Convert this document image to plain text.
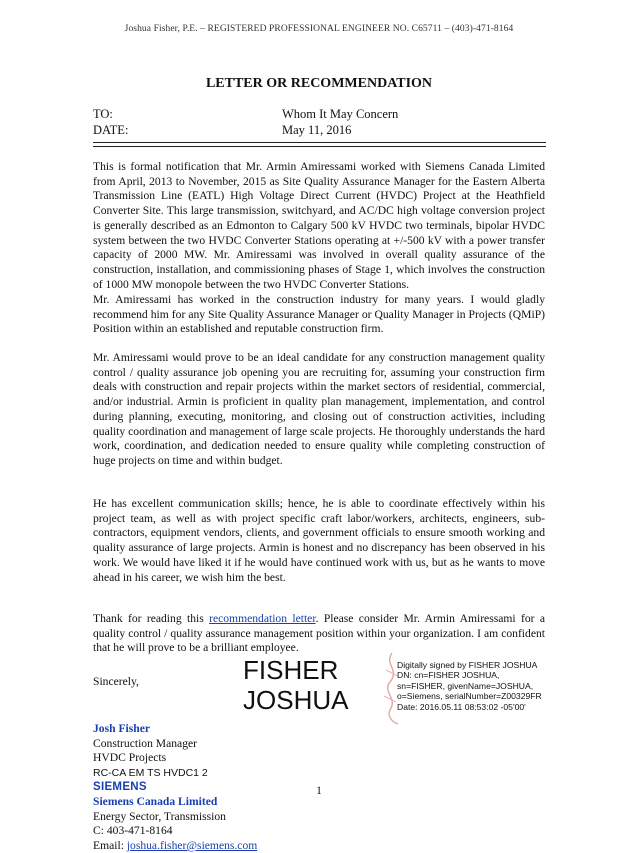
Joshua Fisher, P.E. – REGISTERED PROFESSIONAL ENGINEER NO. C65711 – (403)-471-8164
LETTER OR RECOMMENDATION
TO:	Whom It May Concern
DATE:	May 11, 2016

This is formal notification that Mr. Armin Amiressami worked with Siemens Canada Limited from April, 2013 to November, 2015 as Site Quality Assurance Manager for the Eastern Alberta Transmission Line (EATL) High Voltage Direct Current (HVDC) Project at the Heathfield Converter Site. This large transmission, switchyard, and AC/DC high voltage conversion project is generally described as an Edmonton to Calgary 500 kV HVDC two terminals, bipolar HVDC system between the two HVDC Converter Stations operating at +/-500 kV with a power transfer capacity of 2000 MW. Mr. Amiressami was involved in overall quality assurance of the construction, installation, and commissioning phases of Stage 1, which involves the construction of 1000 MW monopole between the two HVDC Converter Stations.

Mr. Amiressami has worked in the construction industry for many years. I would gladly recommend him for any Site Quality Assurance Manager or Quality Manager in Projects (QMiP) Position within an established and reputable construction firm.

Mr. Amiressami would prove to be an ideal candidate for any construction management quality control / quality assurance job opening you are recruiting for, assuming your construction firm deals with construction and repair projects within the market sectors of residential, commercial, and/or industrial. Armin is proficient in quality plan management, implementation, and control during planning, executing, monitoring, and closing out of construction activities, including quality coordination and management of large scale projects. He thoroughly understands the hard work, coordination, and dedication needed to ensure quality while completing construction of huge projects on time and within budget.

He has excellent communication skills; hence, he is able to coordinate effectively within his project team, as well as with project specific craft labor/workers, architects, engineers, sub-contractors, equipment vendors, clients, and government officials to ensure smooth working and quality assurance of large projects. Armin is honest and no discrepancy has been observed in his work. We would have liked it if he would have continued work with us, but as he wants to move ahead in his career, we wish him the best.

Thank for reading this recommendation letter. Please consider Mr. Armin Amiressami for a quality control / quality assurance management position within your organization. I am confident that he will prove to be a brilliant employee.

Sincerely,

Josh Fisher
Construction Manager
HVDC Projects
RC-CA EM TS HVDC1 2
SIEMENS
Siemens Canada Limited
Energy Sector, Transmission
C: 403-471-8164
Email: joshua.fisher@siemens.com
FISHER
JOSHUA
Digitally signed by FISHER JOSHUA
DN: cn=FISHER JOSHUA,
sn=FISHER, givenName=JOSHUA,
o=Siemens, serialNumber=Z00329FR
Date: 2016.05.11 08:53:02 -05'00'
1
